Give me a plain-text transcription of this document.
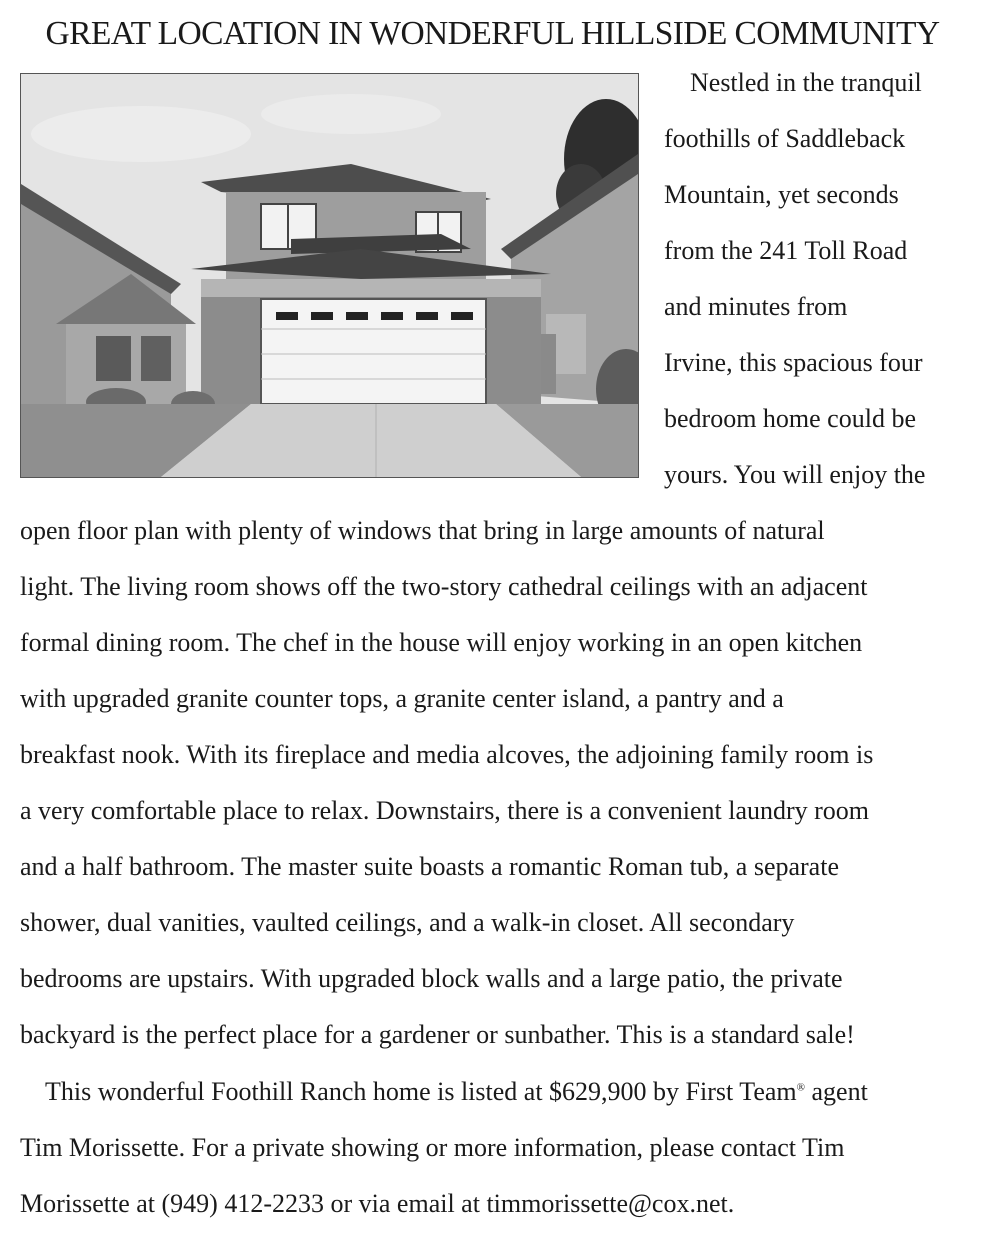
GREAT LOCATION IN WONDERFUL HILLSIDE COMMUNITY
Nestled in the tranquil
foothills of Saddleback
Mountain, yet seconds
from the 241 Toll Road
and minutes from
Irvine, this spacious four
bedroom home could be
yours. You will enjoy the
open floor plan with plenty of windows that bring in large amounts of natural
light. The living room shows off the two-story cathedral ceilings with an adjacent
formal dining room. The chef in the house will enjoy working in an open kitchen
with upgraded granite counter tops, a granite center island, a pantry and a
breakfast nook. With its fireplace and media alcoves, the adjoining family room is
a very comfortable place to relax. Downstairs, there is a convenient laundry room
and a half bathroom. The master suite boasts a romantic Roman tub, a separate
shower, dual vanities, vaulted ceilings, and a walk-in closet. All secondary
bedrooms are upstairs. With upgraded block walls and a large patio, the private
backyard is the perfect place for a gardener or sunbather. This is a standard sale!
This wonderful Foothill Ranch home is listed at $629,900 by First Team® agent
Tim Morissette. For a private showing or more information, please contact Tim
Morissette at (949) 412-2233 or via email at timmorissette@cox.net.
